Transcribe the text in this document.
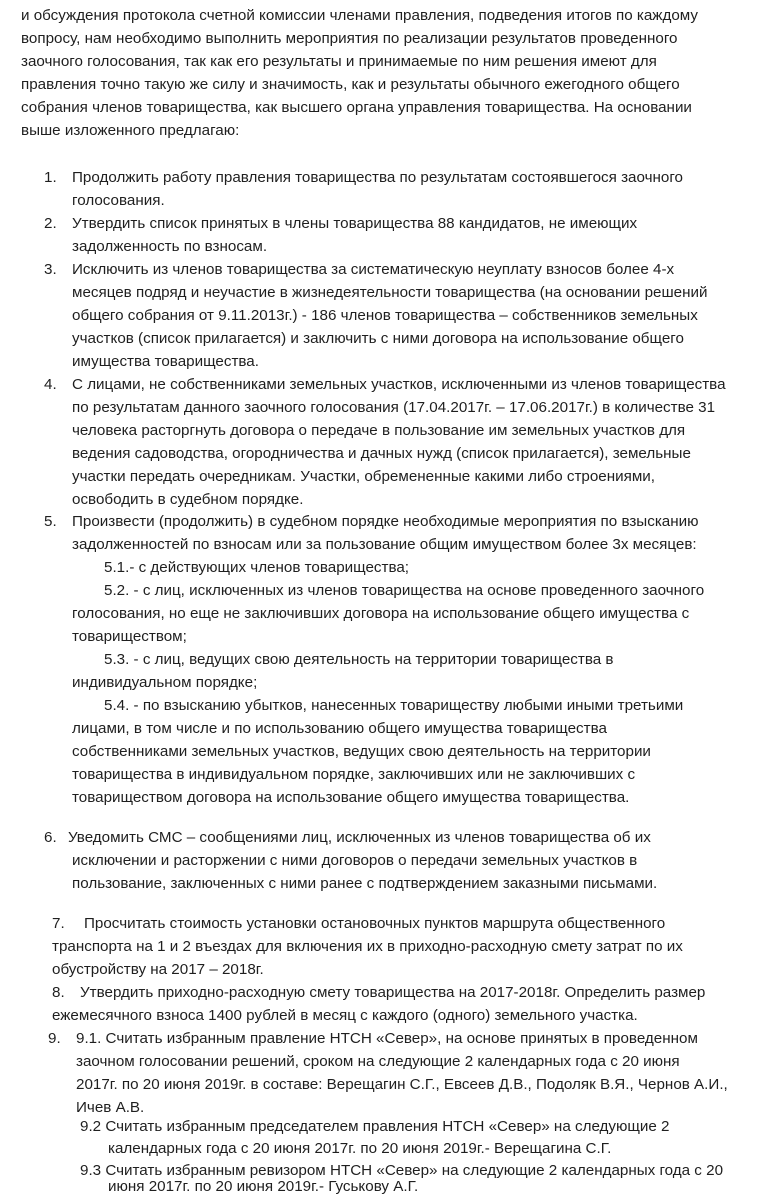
и обсуждения протокола счетной комиссии членами правления, подведения итогов по каждому
вопросу, нам необходимо выполнить мероприятия по реализации результатов проведенного
заочного голосования, так как его результаты и принимаемые по ним решения имеют для
правления точно такую же силу и значимость, как и результаты обычного ежегодного общего
собрания членов товарищества, как высшего органа управления товарищества. На основании
выше изложенного предлагаю:
1. Продолжить работу правления товарищества по результатам состоявшегося заочного
голосования.
2. Утвердить список принятых в члены товарищества 88 кандидатов, не имеющих
задолженность по взносам.
3. Исключить из членов товарищества за систематическую неуплату взносов более 4-х
месяцев подряд и неучастие в жизнедеятельности товарищества (на основании решений
общего собрания от 9.11.2013г.) - 186 членов товарищества – собственников земельных
участков (список прилагается) и заключить с ними договора на использование общего
имущества товарищества.
4. С лицами, не собственниками земельных участков, исключенными из членов товарищества
по результатам данного заочного голосования (17.04.2017г. – 17.06.2017г.) в количестве 31
человека расторгнуть договора о передаче в пользование им земельных участков для
ведения садоводства, огородничества и дачных нужд (список прилагается), земельные
участки передать очередникам. Участки, обремененные какими либо строениями,
освободить в судебном порядке.
5. Произвести (продолжить) в судебном порядке необходимые мероприятия по взысканию
задолженностей по взносам или за пользование общим имуществом более 3х месяцев:
5.1.- с действующих членов товарищества;
5.2. - с лиц, исключенных из членов товарищества на основе проведенного заочного
голосования, но еще не заключивших договора на использование общего имущества с
товариществом;
5.3. - с лиц, ведущих свою деятельность на территории товарищества в
индивидуальном порядке;
5.4. - по взысканию убытков, нанесенных товариществу любыми иными третьими
лицами, в том числе и по использованию общего имущества товарищества
собственниками земельных участков, ведущих свою деятельность на территории
товарищества в индивидуальном порядке, заключивших или не заключивших с
товариществом договора на использование общего имущества товарищества.
6. Уведомить СМС – сообщениями лиц, исключенных из членов товарищества об их
исключении и расторжении с ними договоров о передачи земельных участков в
пользование, заключенных с ними ранее с подтверждением заказными письмами.
7. Просчитать стоимость установки остановочных пунктов маршрута общественного
транспорта на 1 и 2 въездах для включения их в приходно-расходную смету затрат по их
обустройству на 2017 – 2018г.
8. Утвердить приходно-расходную смету товарищества на 2017-2018г. Определить размер
ежемесячного взноса 1400 рублей в месяц с каждого (одного) земельного участка.
9. 9.1. Считать избранным правление НТСН «Север», на основе принятых в проведенном
заочном голосовании решений, сроком на следующие 2 календарных года с 20 июня
2017г. по 20 июня 2019г. в составе: Верещагин С.Г., Евсеев Д.В., Подоляк В.Я., Чернов А.И.,
Ичев А.В.
9.2 Считать избранным председателем правления НТСН «Север» на следующие 2
календарных года с 20 июня 2017г. по 20 июня 2019г.- Верещагина С.Г.
9.3 Считать избранным ревизором НТСН «Север» на следующие 2 календарных года с 20
июня 2017г. по 20 июня 2019г.- Гуськову А.Г.
